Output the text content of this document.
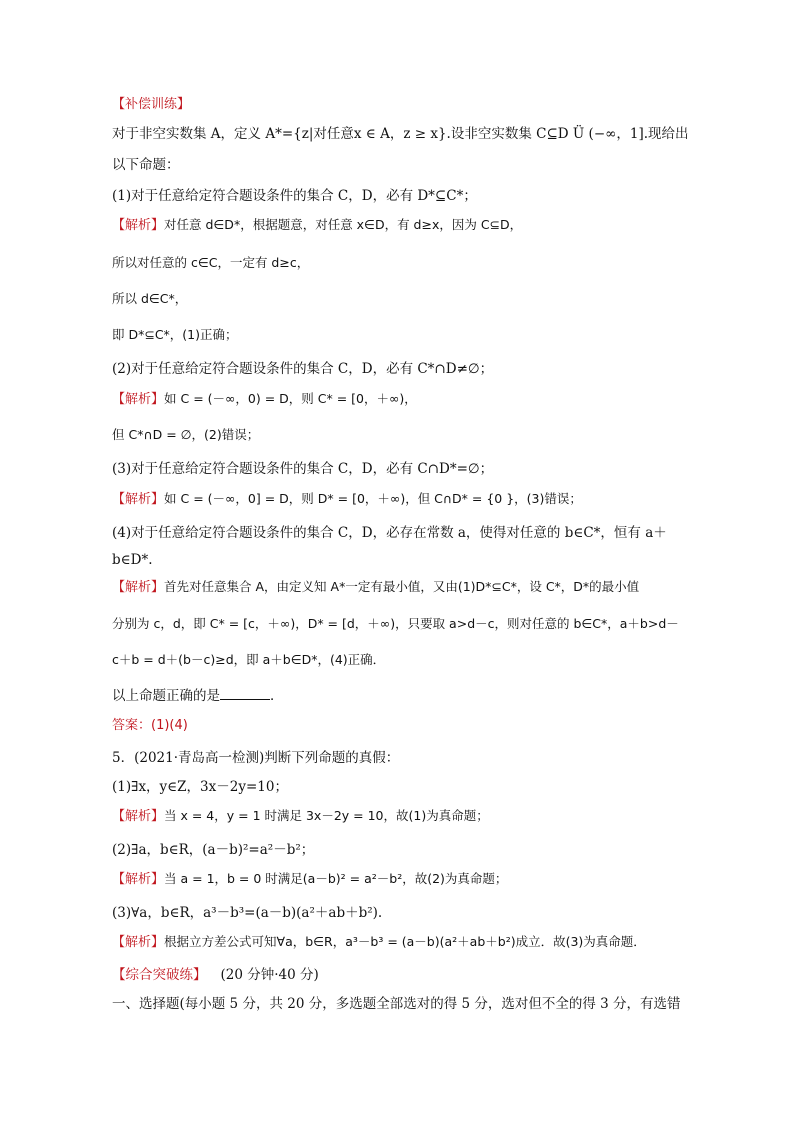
【补偿训练】
对于非空实数集 A，定义 A*={z|对任意x ∈ A，z ≥ x}.设非空实数集 C⊆D Ü (−∞，1].现给出
以下命题：
(1)对于任意给定符合题设条件的集合 C，D，必有 D*⊆C*；
【解析】对任意 d∈D*，根据题意，对任意 x∈D，有 d≥x，因为 C⊆D，
所以对任意的 c∈C，一定有 d≥c，
所以 d∈C*，
即 D*⊆C*，(1)正确；
(2)对于任意给定符合题设条件的集合 C，D，必有 C*∩D≠∅；
【解析】如 C = (－∞，0) = D，则 C* = [0，＋∞)，
但 C*∩D = ∅，(2)错误；
(3)对于任意给定符合题设条件的集合 C，D，必有 C∩D*=∅；
【解析】如 C = (－∞，0] = D，则 D* = [0，＋∞)，但 C∩D* = {0 }，(3)错误；
(4)对于任意给定符合题设条件的集合 C，D，必存在常数 a，使得对任意的 b∈C*，恒有 a＋
b∈D*.
【解析】首先对任意集合 A，由定义知 A*一定有最小值，又由(1)D*⊆C*，设 C*，D*的最小值
分别为 c，d，即 C* = [c，＋∞)，D* = [d，＋∞)，只要取 a>d－c，则对任意的 b∈C*，a＋b>d－
c＋b = d＋(b－c)≥d，即 a＋b∈D*，(4)正确．
以上命题正确的是	．
答案：(1)(4)
5．(2021·青岛高一检测)判断下列命题的真假：
(1)∃x，y∈Z，3x－2y=10；
【解析】当 x = 4，y = 1 时满足 3x－2y = 10，故(1)为真命题；
(2)∃a，b∈R，(a－b)²=a²－b²；
【解析】当 a = 1，b = 0 时满足(a－b)² = a²－b²，故(2)为真命题；
(3)∀a，b∈R，a³－b³=(a－b)(a²＋ab＋b²).
【解析】根据立方差公式可知∀a，b∈R，a³－b³ = (a－b)(a²＋ab＋b²)成立．故(3)为真命题．
【综合突破练】 (20 分钟·40 分)
一、选择题(每小题 5 分，共 20 分，多选题全部选对的得 5 分，选对但不全的得 3 分，有选错
